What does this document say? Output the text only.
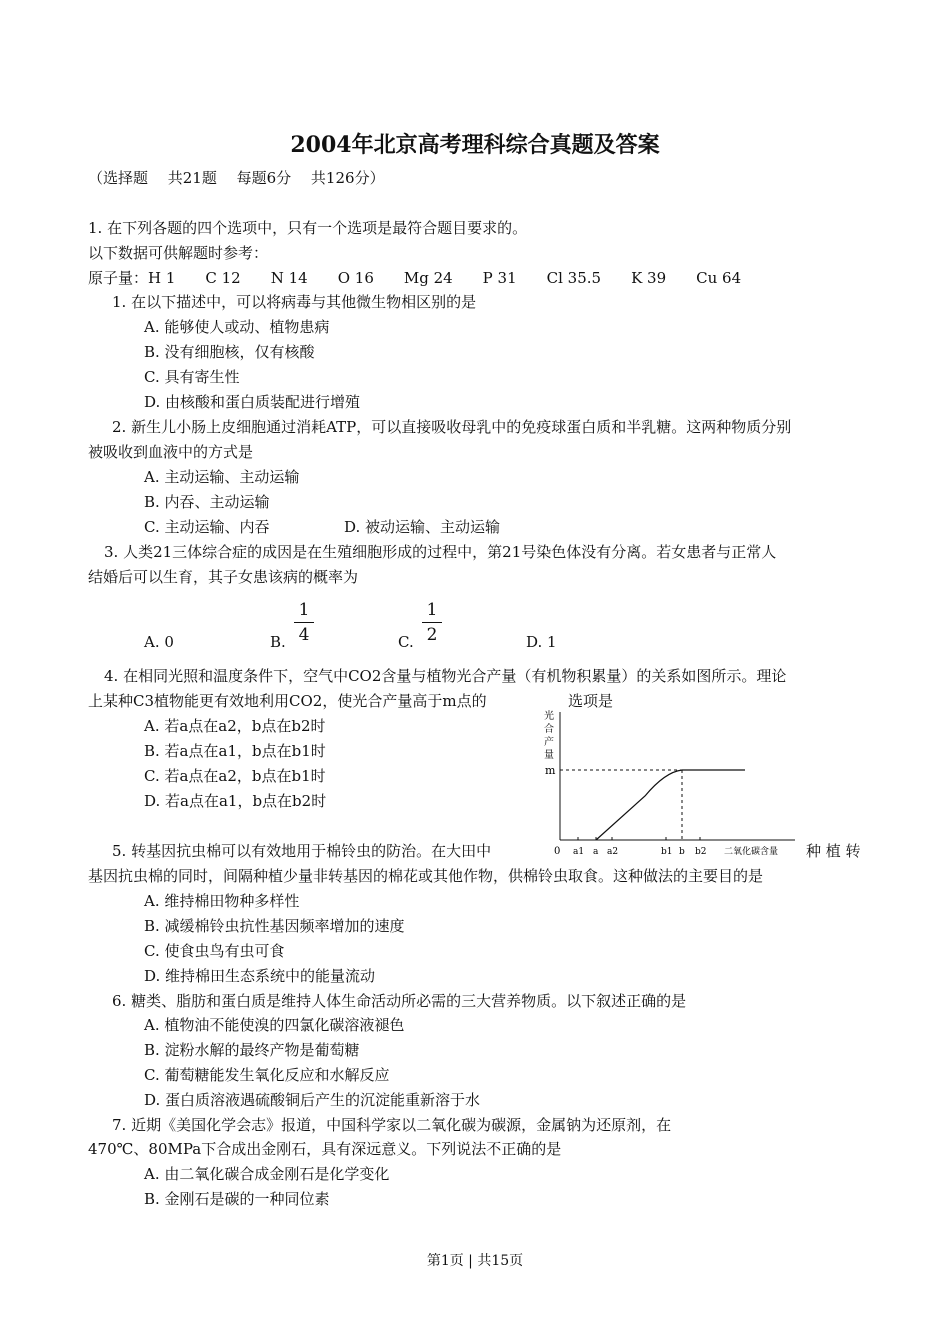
2004年北京高考理科综合真题及答案
（选择题　 共21题　 每题6分　 共126分）
1. 在下列各题的四个选项中，只有一个选项是最符合题目要求的。
以下数据可供解题时参考：
原子量：H 1　　C 12　　N 14　　O 16　　Mg 24　　P 31　　Cl 35.5　　K 39　　Cu 64
1. 在以下描述中，可以将病毒与其他微生物相区别的是
A. 能够使人或动、植物患病
B. 没有细胞核，仅有核酸
C. 具有寄生性
D. 由核酸和蛋白质装配进行增殖
2. 新生儿小肠上皮细胞通过消耗ATP，可以直接吸收母乳中的免疫球蛋白质和半乳糖。这两种物质分别
被吸收到血液中的方式是
A. 主动运输、主动运输
B. 内吞、主动运输
C. 主动运输、内吞	D. 被动运输、主动运输
3. 人类21三体综合症的成因是在生殖细胞形成的过程中，第21号染色体没有分离。若女患者与正常人
结婚后可以生育，其子女患该病的概率为
A. 0	B.
1
4	C.
1
2	D. 1
4. 在相同光照和温度条件下，空气中CO2含量与植物光合产量（有机物积累量）的关系如图所示。理论
上某种C3植物能更有效地利用CO2，使光合产量高于m点的	选项是
A. 若a点在a2，b点在b2时
B. 若a点在a1，b点在b1时
C. 若a点在a2，b点在b1时
D. 若a点在a1，b点在b2时
光
合
产
量
m
0 a1 a a2	b1 b b2 二氧化碳含量
5. 转基因抗虫棉可以有效地用于棉铃虫的防治。在大田中	种 植 转
基因抗虫棉的同时，间隔种植少量非转基因的棉花或其他作物，供棉铃虫取食。这种做法的主要目的是
A. 维持棉田物种多样性
B. 减缓棉铃虫抗性基因频率增加的速度
C. 使食虫鸟有虫可食
D. 维持棉田生态系统中的能量流动
6. 糖类、脂肪和蛋白质是维持人体生命活动所必需的三大营养物质。以下叙述正确的是
A. 植物油不能使溴的四氯化碳溶液褪色
B. 淀粉水解的最终产物是葡萄糖
C. 葡萄糖能发生氧化反应和水解反应
D. 蛋白质溶液遇硫酸铜后产生的沉淀能重新溶于水
7. 近期《美国化学会志》报道，中国科学家以二氧化碳为碳源，金属钠为还原剂，在
470℃、80MPa下合成出金刚石，具有深远意义。下列说法不正确的是
A. 由二氧化碳合成金刚石是化学变化
B. 金刚石是碳的一种同位素
第1页 | 共15页
